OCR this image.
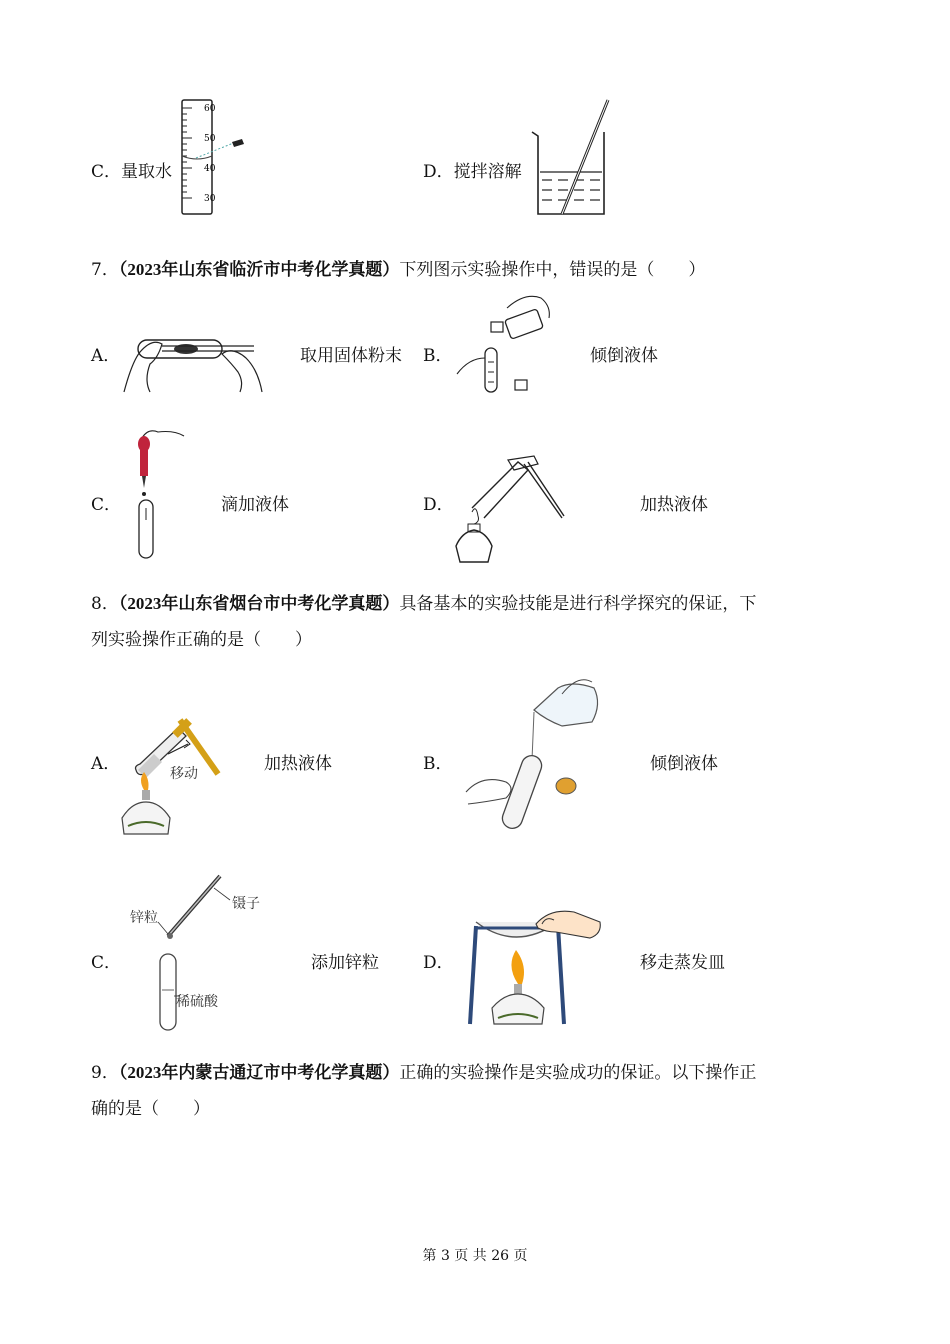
C．量取水
60
50
40
30
D．搅拌溶解
7．（2023年山东省临沂市中考化学真题）下列图示实验操作中，错误的是（　　）
A．	取用固体粉末 B．	倾倒液体
C．	滴加液体	D．	加热液体
8．（2023年山东省烟台市中考化学真题）具备基本的实验技能是进行科学探究的保证，下
列实验操作正确的是（　　）
A．	移动	加热液体	B．	倾倒液体
C．
镊子
锌粒
稀硫酸
添加锌粒	D．	移走蒸发皿
9．（2023年内蒙古通辽市中考化学真题）正确的实验操作是实验成功的保证。以下操作正
确的是（　　）
第 3 页 共 26 页
